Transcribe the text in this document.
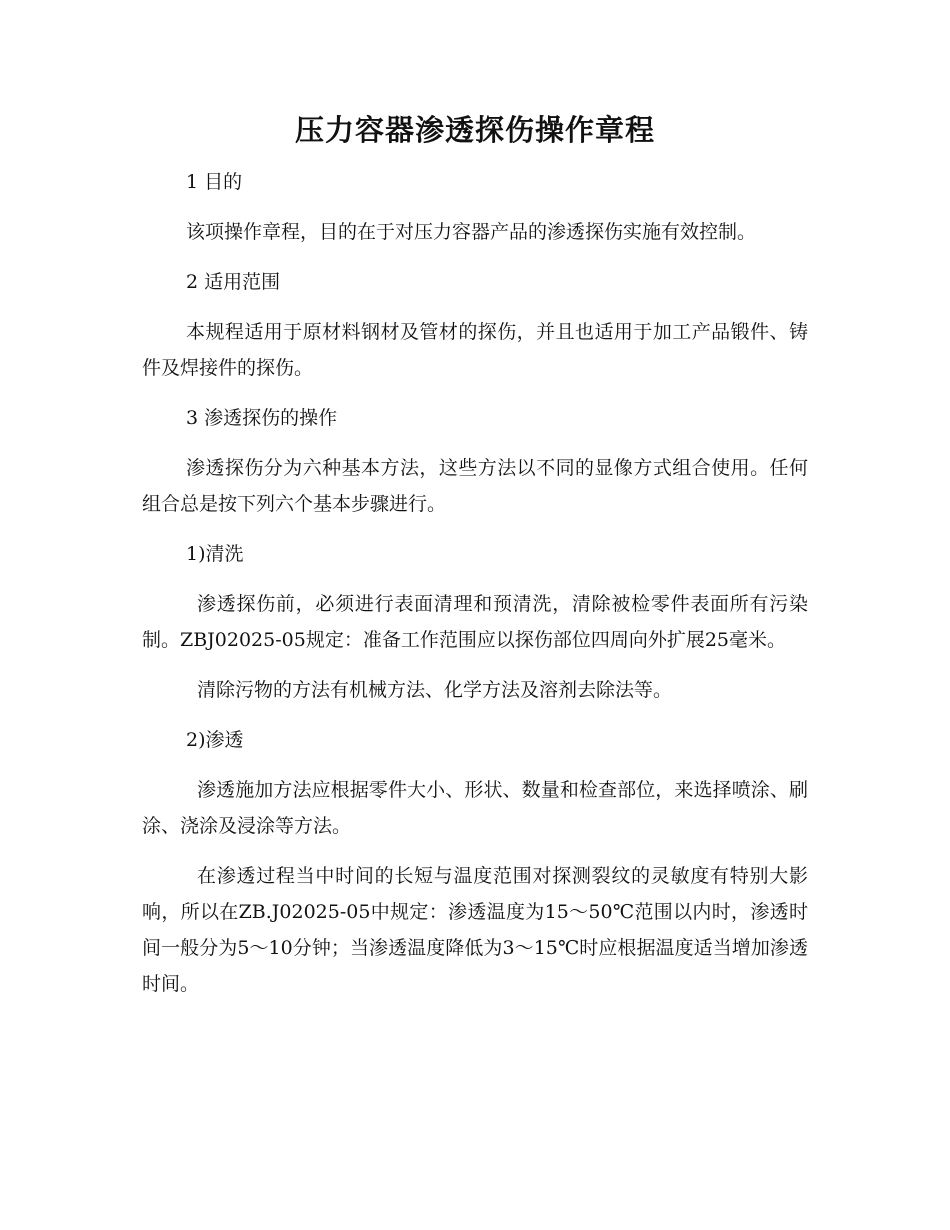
压力容器渗透探伤操作章程

1 目的

该项操作章程，目的在于对压力容器产品的渗透探伤实施有效控制。

2 适用范围

本规程适用于原材料钢材及管材的探伤，并且也适用于加工产品锻件、铸件及焊接件的探伤。

3 渗透探伤的操作

渗透探伤分为六种基本方法，这些方法以不同的显像方式组合使用。任何组合总是按下列六个基本步骤进行。

1)清洗

渗透探伤前，必须进行表面清理和预清洗，清除被检零件表面所有污染制。ZBJ02025-05规定：准备工作范围应以探伤部位四周向外扩展25毫米。

清除污物的方法有机械方法、化学方法及溶剂去除法等。

2)渗透

渗透施加方法应根据零件大小、形状、数量和检查部位，来选择喷涂、刷涂、浇涂及浸涂等方法。

在渗透过程当中时间的长短与温度范围对探测裂纹的灵敏度有特别大影响，所以在ZB.J02025-05中规定：渗透温度为15～50℃范围以内时，渗透时间一般分为5～10分钟；当渗透温度降低为3～15℃时应根据温度适当增加渗透时间。
